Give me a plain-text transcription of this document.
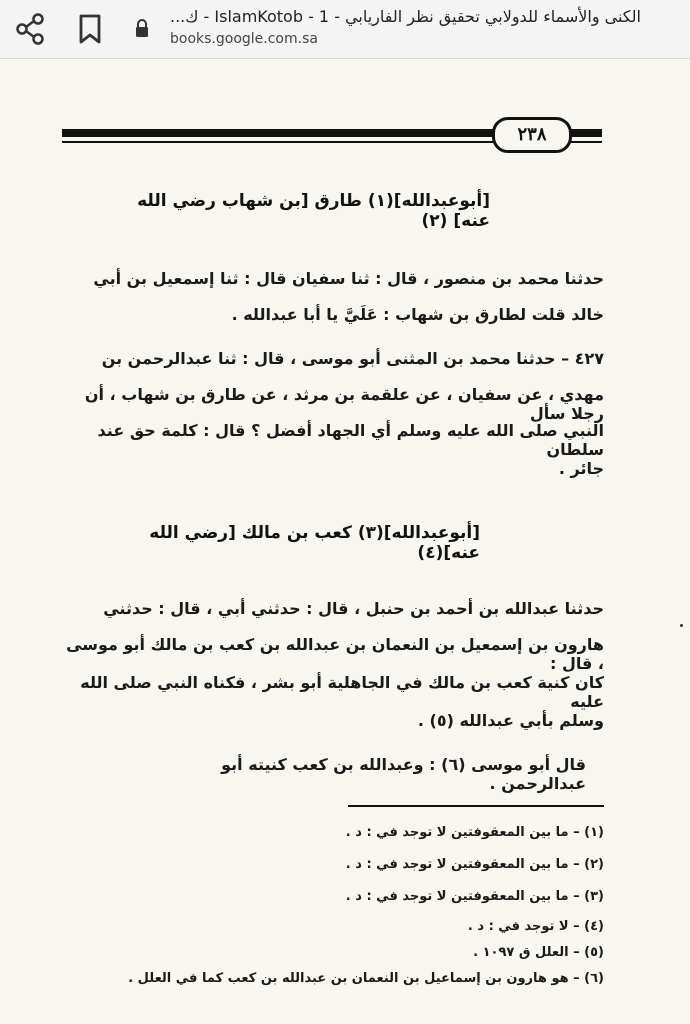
الكنى والأسماء للدولابي تحقيق نظر الفاريابي - IslamKotob - 1 - ك...
books.google.com.sa
٢٣٨
[أبوعبدالله](١) طارق [بن شهاب رضي الله عنه] (٢)
حدثنا محمد بن منصور ، قال : ثنا سفيان قال : ثنا إسمعيل بن أبي
خالد قلت لطارق بن شهاب : عَلَيَّ يا أبا عبدالله .
٤٢٧ – حدثنا محمد بن المثنى أبو موسى ، قال : ثنا عبدالرحمن بن
مهدي ، عن سفيان ، عن علقمة بن مرثد ، عن طارق بن شهاب ، أن رجلا سأل
النبي صلى الله عليه وسلم أي الجهاد أفضل ؟ قال : كلمة حق عند سلطان
جائر .
[أبوعبدالله](٣) كعب بن مالك [رضي الله عنه](٤)
حدثنا عبدالله بن أحمد بن حنبل ، قال : حدثني أبي ، قال : حدثني
هارون بن إسمعيل بن النعمان بن عبدالله بن كعب بن مالك أبو موسى ، قال :
كان كنية كعب بن مالك في الجاهلية أبو بشر ، فكناه النبي صلى الله عليه
وسلم بأبي عبدالله (٥) .
قال أبو موسى (٦) : وعبدالله بن كعب كنيته أبو عبدالرحمن .
(١) – ما بين المعقوفتين لا توجد في : د .
(٢) – ما بين المعقوفتين لا توجد في : د .
(٣) – ما بين المعقوفتين لا توجد في : د .
(٤) – لا توجد في : د .
(٥) – العلل ق ١٠٩٧ .
(٦) – هو هارون بن إسماعيل بن النعمان بن عبدالله بن كعب كما في العلل .
